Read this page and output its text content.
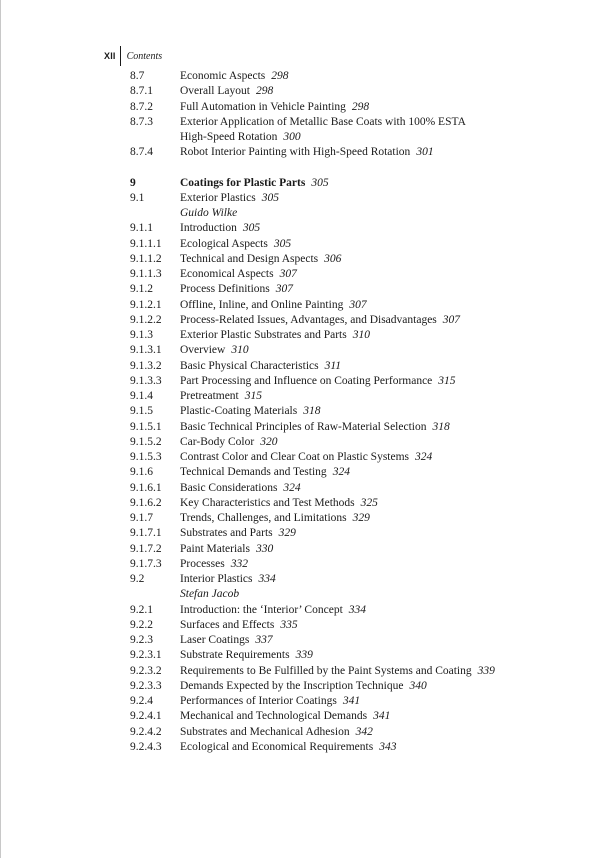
XII Contents
8.7	Economic Aspects 298
8.7.1	Overall Layout 298
8.7.2	Full Automation in Vehicle Painting 298
8.7.3	Exterior Application of Metallic Base Coats with 100% ESTA
High-Speed Rotation 300
8.7.4	Robot Interior Painting with High-Speed Rotation 301
9	Coatings for Plastic Parts 305
9.1	Exterior Plastics 305
Guido Wilke
9.1.1	Introduction 305
9.1.1.1	Ecological Aspects 305
9.1.1.2	Technical and Design Aspects 306
9.1.1.3	Economical Aspects 307
9.1.2	Process Definitions 307
9.1.2.1	Offline, Inline, and Online Painting 307
9.1.2.2	Process-Related Issues, Advantages, and Disadvantages 307
9.1.3	Exterior Plastic Substrates and Parts 310
9.1.3.1	Overview 310
9.1.3.2	Basic Physical Characteristics 311
9.1.3.3	Part Processing and Influence on Coating Performance 315
9.1.4	Pretreatment 315
9.1.5	Plastic-Coating Materials 318
9.1.5.1	Basic Technical Principles of Raw-Material Selection 318
9.1.5.2	Car-Body Color 320
9.1.5.3	Contrast Color and Clear Coat on Plastic Systems 324
9.1.6	Technical Demands and Testing 324
9.1.6.1	Basic Considerations 324
9.1.6.2	Key Characteristics and Test Methods 325
9.1.7	Trends, Challenges, and Limitations 329
9.1.7.1	Substrates and Parts 329
9.1.7.2	Paint Materials 330
9.1.7.3	Processes 332
9.2	Interior Plastics 334
Stefan Jacob
9.2.1	Introduction: the ‘Interior’ Concept 334
9.2.2	Surfaces and Effects 335
9.2.3	Laser Coatings 337
9.2.3.1	Substrate Requirements 339
9.2.3.2	Requirements to Be Fulfilled by the Paint Systems and Coating 339
9.2.3.3	Demands Expected by the Inscription Technique 340
9.2.4	Performances of Interior Coatings 341
9.2.4.1	Mechanical and Technological Demands 341
9.2.4.2	Substrates and Mechanical Adhesion 342
9.2.4.3	Ecological and Economical Requirements 343
